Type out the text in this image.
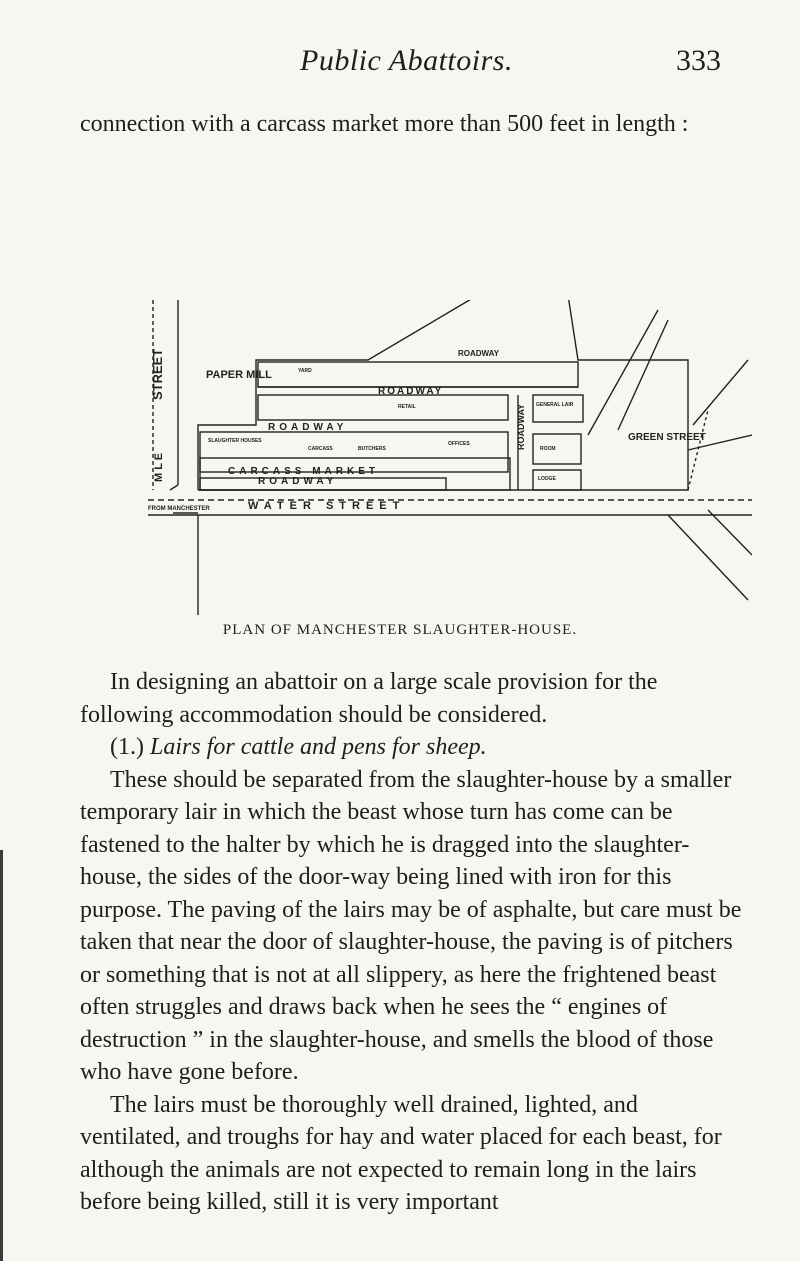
Public Abattoirs.	333
connection with a carcass market more than 500 feet in length :
STREET
M L E
PAPER MILL
ROADWAY
ROADWAY
ROADWAY
ROADWAY
ROADWAY
CARCASS MARKET
WATER STREET
GREEN STREET
FROM MANCHESTER
GENERAL LAIR
YARD
LODGE
ROOM
SLAUGHTER HOUSES
RETAIL
BUTCHERS
OFFICES
CARCASS
PLAN OF MANCHESTER SLAUGHTER-HOUSE.

In designing an abattoir on a large scale provision for the following accommodation should be considered.

(1.) Lairs for cattle and pens for sheep.

These should be separated from the slaughter-house by a smaller temporary lair in which the beast whose turn has come can be fastened to the halter by which he is dragged into the slaughter-house, the sides of the door-way being lined with iron for this purpose. The paving of the lairs may be of asphalte, but care must be taken that near the door of slaughter-house, the paving is of pitchers or something that is not at all slippery, as here the frightened beast often struggles and draws back when he sees the “ engines of destruction ” in the slaughter-house, and smells the blood of those who have gone before.

The lairs must be thoroughly well drained, lighted, and ventilated, and troughs for hay and water placed for each beast, for although the animals are not expected to remain long in the lairs before being killed, still it is very important
